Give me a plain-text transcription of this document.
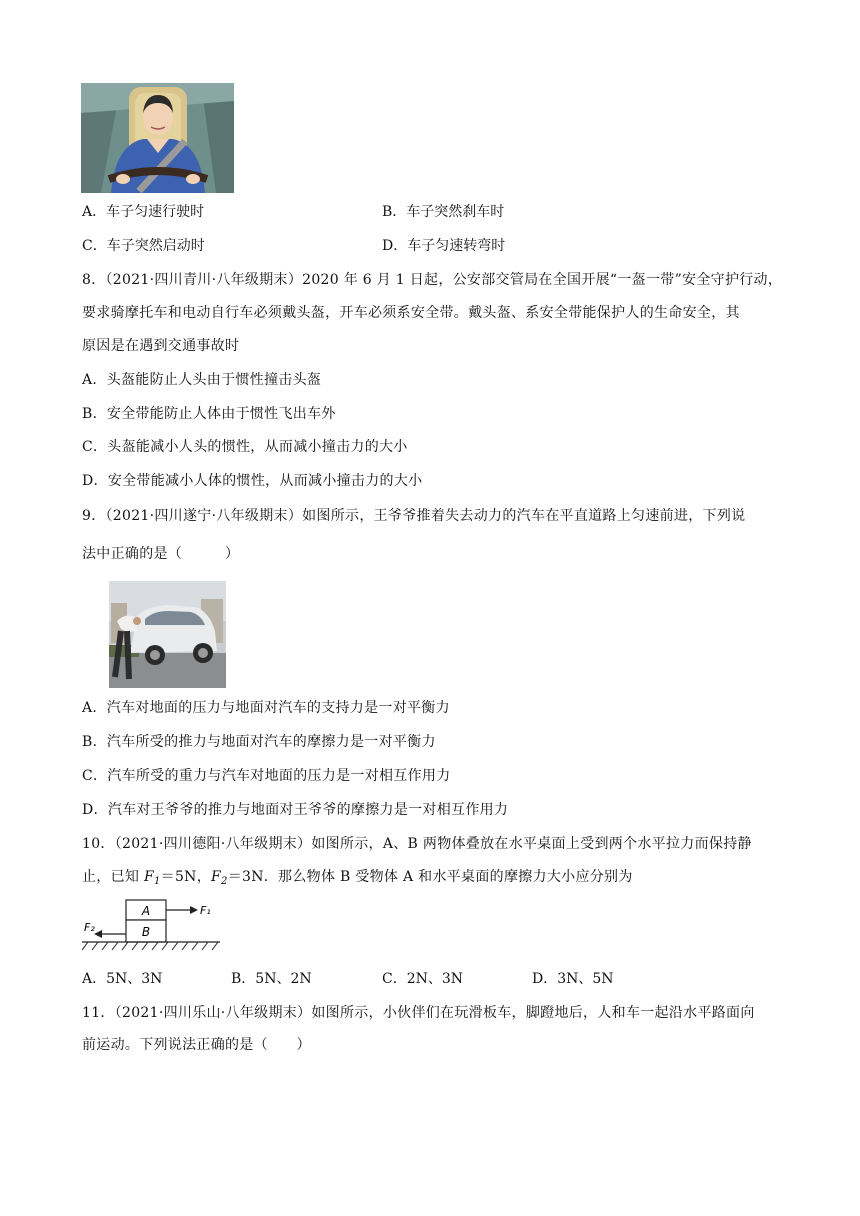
A．车子匀速行驶时	B．车子突然刹车时
C．车子突然启动时	D．车子匀速转弯时
8．（2021·四川青川·八年级期末）2020 年 6 月 1 日起，公安部交管局在全国开展“一盔一带”安全守护行动，
要求骑摩托车和电动自行车必须戴头盔，开车必须系安全带。戴头盔、系安全带能保护人的生命安全，其
原因是在遇到交通事故时
A．头盔能防止人头由于惯性撞击头盔
B．安全带能防止人体由于惯性飞出车外
C．头盔能减小人头的惯性，从而减小撞击力的大小
D．安全带能减小人体的惯性，从而减小撞击力的大小
9．（2021·四川遂宁·八年级期末）如图所示，王爷爷推着失去动力的汽车在平直道路上匀速前进，下列说
法中正确的是（　　　）
A．汽车对地面的压力与地面对汽车的支持力是一对平衡力
B．汽车所受的推力与地面对汽车的摩擦力是一对平衡力
C．汽车所受的重力与汽车对地面的压力是一对相互作用力
D．汽车对王爷爷的推力与地面对王爷爷的摩擦力是一对相互作用力
10．（2021·四川德阳·八年级期末）如图所示，A、B 两物体叠放在水平桌面上受到两个水平拉力而保持静
止，已知 $F_1=5N$，$F_2=3N$．那么物体 B 受物体 A 和水平桌面的摩擦力大小应分别为
A
B
F₁
F₂
A．5N、3N	B．5N、2N	C．2N、3N	D．3N、5N
11．（2021·四川乐山·八年级期末）如图所示，小伙伴们在玩滑板车，脚蹬地后，人和车一起沿水平路面向
前运动。下列说法正确的是（　　）
